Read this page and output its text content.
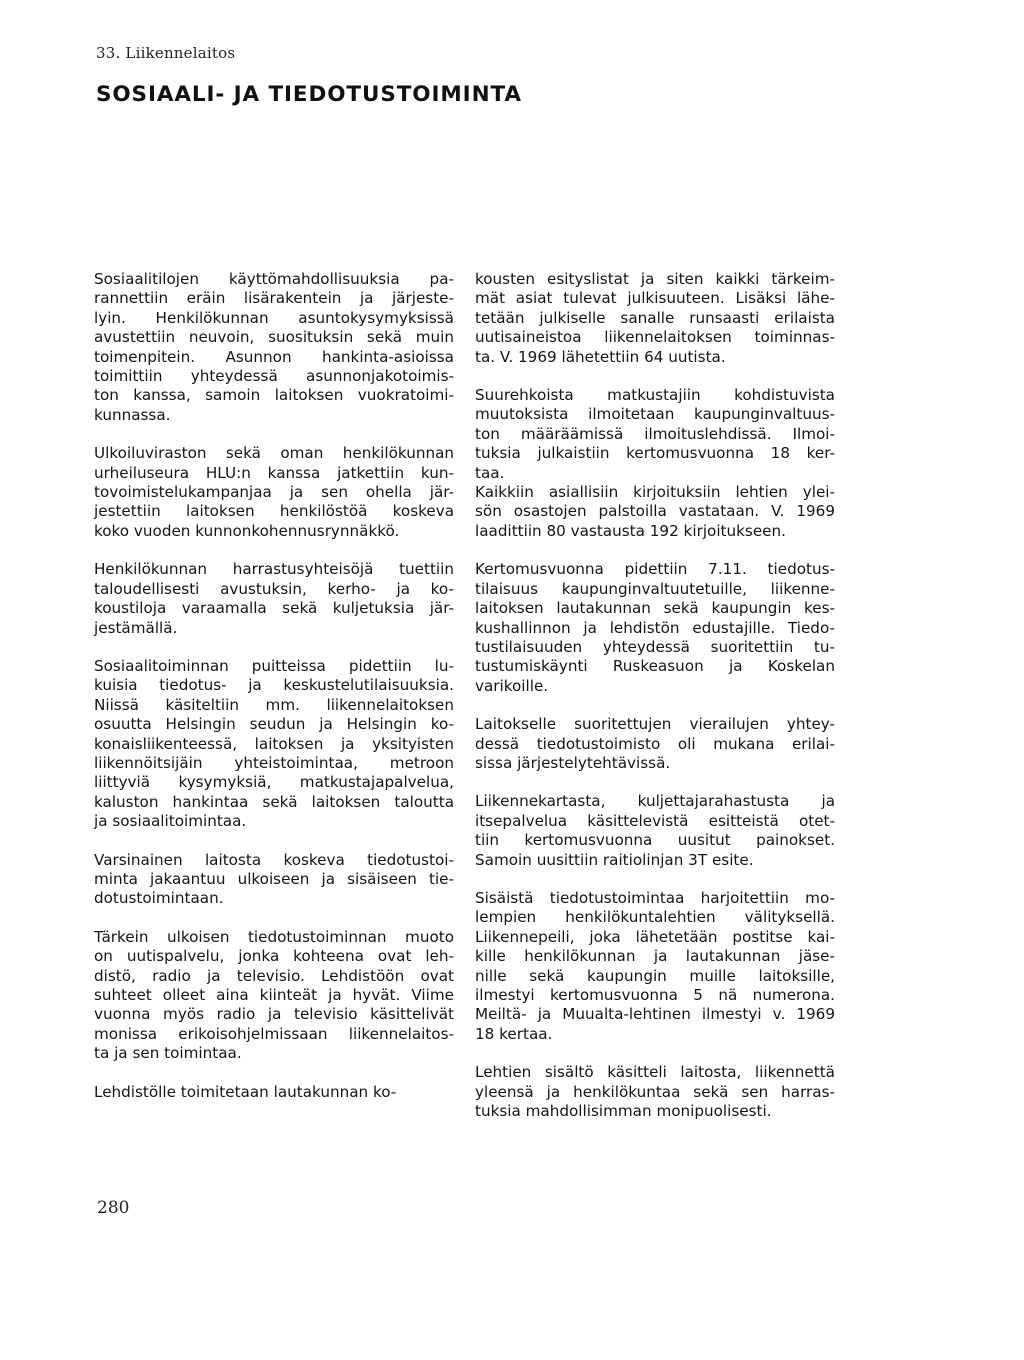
33. Liikennelaitos
SOSIAALI- JA TIEDOTUSTOIMINTA
Sosiaalitilojen käyttömahdollisuuksia pa-
rannettiin eräin lisärakentein ja järjeste-
lyin. Henkilökunnan asuntokysymyksissä
avustettiin neuvoin, suosituksin sekä muin
toimenpitein. Asunnon hankinta-asioissa
toimittiin yhteydessä asunnonjakotoimis-
ton kanssa, samoin laitoksen vuokratoimi-
kunnassa.
Ulkoiluviraston sekä oman henkilökunnan
urheiluseura HLU:n kanssa jatkettiin kun-
tovoimistelukampanjaa ja sen ohella jär-
jestettiin laitoksen henkilöstöä koskeva
koko vuoden kunnonkohennusrynnäkkö.
Henkilökunnan harrastusyhteisöjä tuettiin
taloudellisesti avustuksin, kerho- ja ko-
koustiloja varaamalla sekä kuljetuksia jär-
jestämällä.
Sosiaalitoiminnan puitteissa pidettiin lu-
kuisia tiedotus- ja keskustelutilaisuuksia.
Niissä käsiteltiin mm. liikennelaitoksen
osuutta Helsingin seudun ja Helsingin ko-
konaisliikenteessä, laitoksen ja yksityisten
liikennöitsijäin yhteistoimintaa, metroon
liittyviä kysymyksiä, matkustajapalvelua,
kaluston hankintaa sekä laitoksen taloutta
ja sosiaalitoimintaa.
Varsinainen laitosta koskeva tiedotustoi-
minta jakaantuu ulkoiseen ja sisäiseen tie-
dotustoimintaan.
Tärkein ulkoisen tiedotustoiminnan muoto
on uutispalvelu, jonka kohteena ovat leh-
distö, radio ja televisio. Lehdistöön ovat
suhteet olleet aina kiinteät ja hyvät. Viime
vuonna myös radio ja televisio käsittelivät
monissa erikoisohjelmissaan liikennelaitos-
ta ja sen toimintaa.
Lehdistölle toimitetaan lautakunnan ko-
kousten esityslistat ja siten kaikki tärkeim-
mät asiat tulevat julkisuuteen. Lisäksi lähe-
tetään julkiselle sanalle runsaasti erilaista
uutisaineistoa liikennelaitoksen toiminnas-
ta. V. 1969 lähetettiin 64 uutista.
Suurehkoista matkustajiin kohdistuvista
muutoksista ilmoitetaan kaupunginvaltuus-
ton määräämissä ilmoituslehdissä. Ilmoi-
tuksia julkaistiin kertomusvuonna 18 ker-
taa.
Kaikkiin asiallisiin kirjoituksiin lehtien ylei-
sön osastojen palstoilla vastataan. V. 1969
laadittiin 80 vastausta 192 kirjoitukseen.
Kertomusvuonna pidettiin 7.11. tiedotus-
tilaisuus kaupunginvaltuutetuille, liikenne-
laitoksen lautakunnan sekä kaupungin kes-
kushallinnon ja lehdistön edustajille. Tiedo-
tustilaisuuden yhteydessä suoritettiin tu-
tustumiskäynti Ruskeasuon ja Koskelan
varikoille.
Laitokselle suoritettujen vierailujen yhtey-
dessä tiedotustoimisto oli mukana erilai-
sissa järjestelytehtävissä.
Liikennekartasta, kuljettajarahastusta ja
itsepalvelua käsittelevistä esitteistä otet-
tiin kertomusvuonna uusitut painokset.
Samoin uusittiin raitiolinjan 3T esite.
Sisäistä tiedotustoimintaa harjoitettiin mo-
lempien henkilökuntalehtien välityksellä.
Liikennepeili, joka lähetetään postitse kai-
kille henkilökunnan ja lautakunnan jäse-
nille sekä kaupungin muille laitoksille,
ilmestyi kertomusvuonna 5 nä numerona.
Meiltä- ja Muualta-lehtinen ilmestyi v. 1969
18 kertaa.
Lehtien sisältö käsitteli laitosta, liikennettä
yleensä ja henkilökuntaa sekä sen harras-
tuksia mahdollisimman monipuolisesti.
280
